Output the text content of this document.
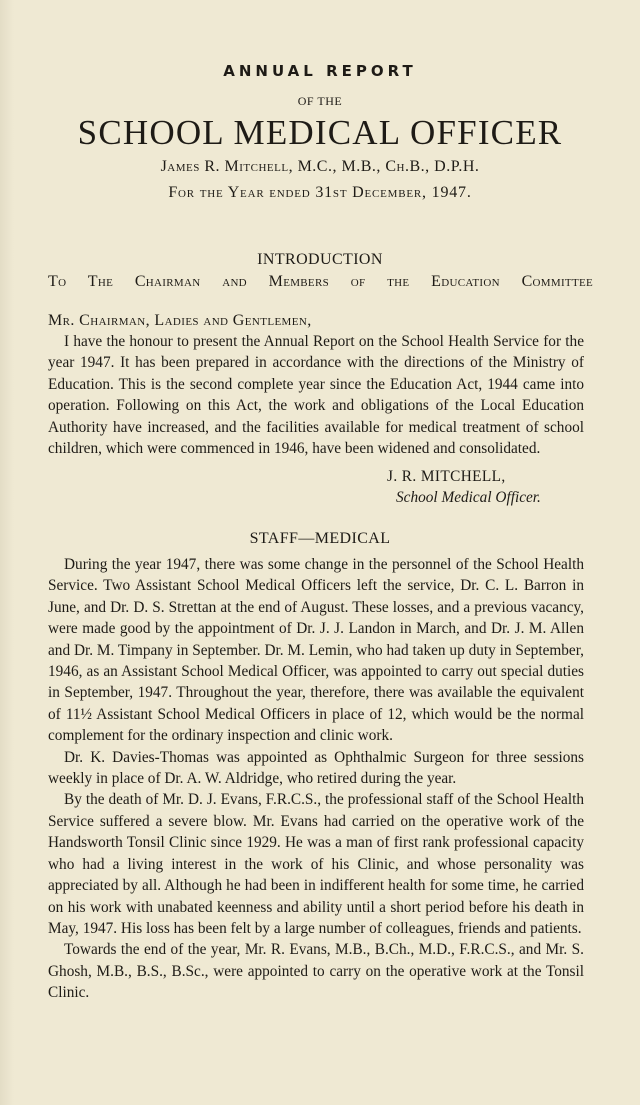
ANNUAL REPORT
OF THE
SCHOOL MEDICAL OFFICER
James R. Mitchell, M.C., M.B., Ch.B., D.P.H.
For the Year ended 31st December, 1947.
INTRODUCTION
To The Chairman and Members of the Education Committee
Mr. Chairman, Ladies and Gentlemen,

I have the honour to present the Annual Report on the School Health Service for the year 1947. It has been prepared in accordance with the directions of the Ministry of Education. This is the second complete year since the Education Act, 1944 came into operation. Following on this Act, the work and obligations of the Local Education Authority have increased, and the facilities available for medical treatment of school children, which were commenced in 1946, have been widened and consolidated.

J. R. MITCHELL,
School Medical Officer.
STAFF—MEDICAL

During the year 1947, there was some change in the personnel of the School Health Service. Two Assistant School Medical Officers left the service, Dr. C. L. Barron in June, and Dr. D. S. Strettan at the end of August. These losses, and a previous vacancy, were made good by the appointment of Dr. J. J. Landon in March, and Dr. J. M. Allen and Dr. M. Timpany in September. Dr. M. Lemin, who had taken up duty in September, 1946, as an Assistant School Medical Officer, was appointed to carry out special duties in September, 1947. Throughout the year, therefore, there was available the equivalent of 11½ Assistant School Medical Officers in place of 12, which would be the normal complement for the ordinary inspection and clinic work.

Dr. K. Davies-Thomas was appointed as Ophthalmic Surgeon for three sessions weekly in place of Dr. A. W. Aldridge, who retired during the year.

By the death of Mr. D. J. Evans, F.R.C.S., the professional staff of the School Health Service suffered a severe blow. Mr. Evans had carried on the operative work of the Handsworth Tonsil Clinic since 1929. He was a man of first rank professional capacity who had a living interest in the work of his Clinic, and whose personality was appreciated by all. Although he had been in indifferent health for some time, he carried on his work with unabated keenness and ability until a short period before his death in May, 1947. His loss has been felt by a large number of colleagues, friends and patients.

Towards the end of the year, Mr. R. Evans, M.B., B.Ch., M.D., F.R.C.S., and Mr. S. Ghosh, M.B., B.S., B.Sc., were appointed to carry on the operative work at the Tonsil Clinic.
